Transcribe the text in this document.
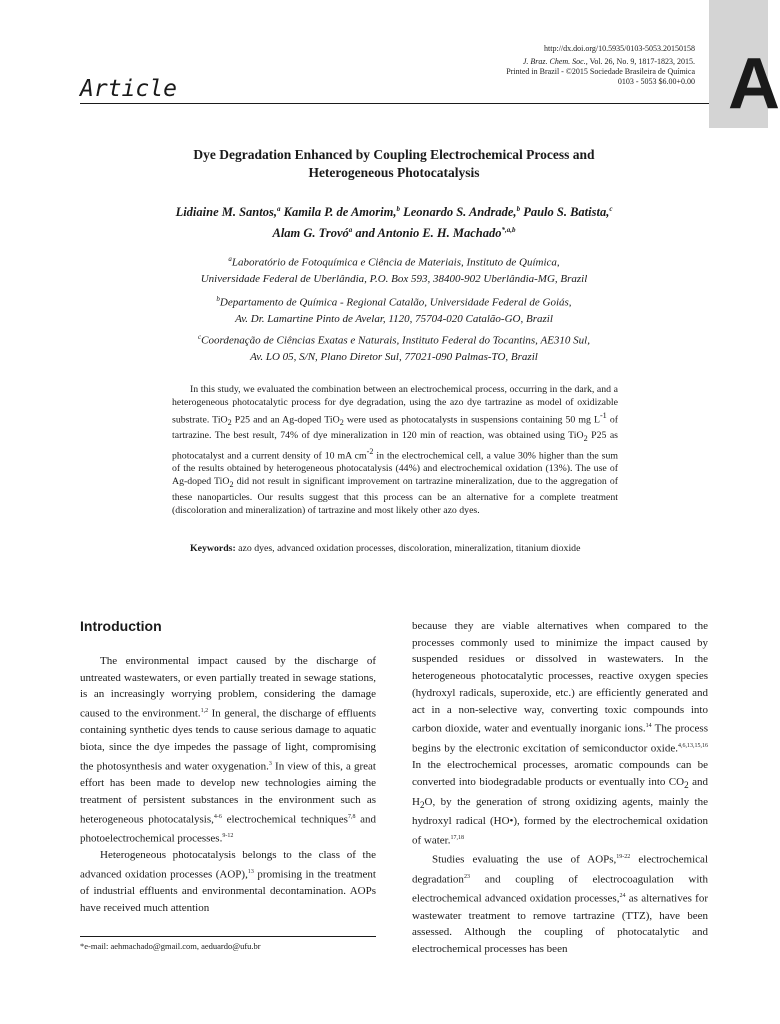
A
http://dx.doi.org/10.5935/0103-5053.20150158
J. Braz. Chem. Soc., Vol. 26, No. 9, 1817-1823, 2015.
Printed in Brazil - ©2015 Sociedade Brasileira de Química
0103 - 5053 $6.00+0.00
Article
Dye Degradation Enhanced by Coupling Electrochemical Process and
Heterogeneous Photocatalysis
Lidiaine M. Santos,$^a$ Kamila P. de Amorim,$^b$ Leonardo S. Andrade,$^b$ Paulo S. Batista,$^c$
Alam G. Trovó$^a$ and Antonio E. H. Machado$^{*,a,b}$
$^a$Laboratório de Fotoquímica e Ciência de Materiais, Instituto de Química,
Universidade Federal de Uberlândia, P.O. Box 593, 38400-902 Uberlândia-MG, Brazil
$^b$Departamento de Química - Regional Catalão, Universidade Federal de Goiás,
Av. Dr. Lamartine Pinto de Avelar, 1120, 75704-020 Catalão-GO, Brazil
$^c$Coordenação de Ciências Exatas e Naturais, Instituto Federal do Tocantins, AE310 Sul,
Av. LO 05, S/N, Plano Diretor Sul, 77021-090 Palmas-TO, Brazil

In this study, we evaluated the combination between an electrochemical process, occurring in the dark, and a heterogeneous photocatalytic process for dye degradation, using the azo dye tartrazine as model of oxidizable substrate. TiO$_2$ P25 and an Ag-doped TiO$_2$ were used as photocatalysts in suspensions containing 50 mg $L^{-1}$ of tartrazine. The best result, 74% of dye mineralization in 120 min of reaction, was obtained using TiO$_2$ P25 as photocatalyst and a current density of 10 mA $cm^{-2}$ in the electrochemical cell, a value 30% higher than the sum of the results obtained by heterogeneous photocatalysis (44%) and electrochemical oxidation (13%). The use of Ag-doped TiO$_2$ did not result in significant improvement on tartrazine mineralization, due to the aggregation of these nanoparticles. Our results suggest that this process can be an alternative for a complete treatment (discoloration and mineralization) of tartrazine and most likely other azo dyes.

Keywords: azo dyes, advanced oxidation processes, discoloration, mineralization, titanium dioxide

Introduction

The environmental impact caused by the discharge of untreated wastewaters, or even partially treated in sewage stations, is an increasingly worrying problem, considering the damage caused to the environment.$^{1,2}$ In general, the discharge of effluents containing synthetic dyes tends to cause serious damage to aquatic biota, since the dye impedes the passage of light, compromising the photosynthesis and water oxygenation.$^3$ In view of this, a great effort has been made to develop new technologies aiming the treatment of persistent substances in the environment such as heterogeneous photocatalysis,$^{4-6}$ electrochemical techniques$^{7,8}$ and photoelectrochemical processes.$^{9-12}$

Heterogeneous photocatalysis belongs to the class of the advanced oxidation processes (AOP),$^{13}$ promising in the treatment of industrial effluents and environmental decontamination. AOPs have received much attention

because they are viable alternatives when compared to the processes commonly used to minimize the impact caused by suspended residues or dissolved in wastewaters. In the heterogeneous photocatalytic processes, reactive oxygen species (hydroxyl radicals, superoxide, etc.) are efficiently generated and act in a non-selective way, converting toxic compounds into carbon dioxide, water and eventually inorganic ions.$^{14}$ The process begins by the electronic excitation of semiconductor oxide.$^{4,6,13,15,16}$ In the electrochemical processes, aromatic compounds can be converted into biodegradable products or eventually into $CO_2$ and $H_2O$, by the generation of strong oxidizing agents, mainly the hydroxyl radical (HO•), formed by the electrochemical oxidation of water.$^{17,18}$

Studies evaluating the use of AOPs,$^{19-22}$ electrochemical degradation$^{23}$ and coupling of electrocoagulation with electrochemical advanced oxidation processes,$^{24}$ as alternatives for wastewater treatment to remove tartrazine (TTZ), have been assessed. Although the coupling of photocatalytic and electrochemical processes has been

*e-mail: aehmachado@gmail.com, aeduardo@ufu.br
